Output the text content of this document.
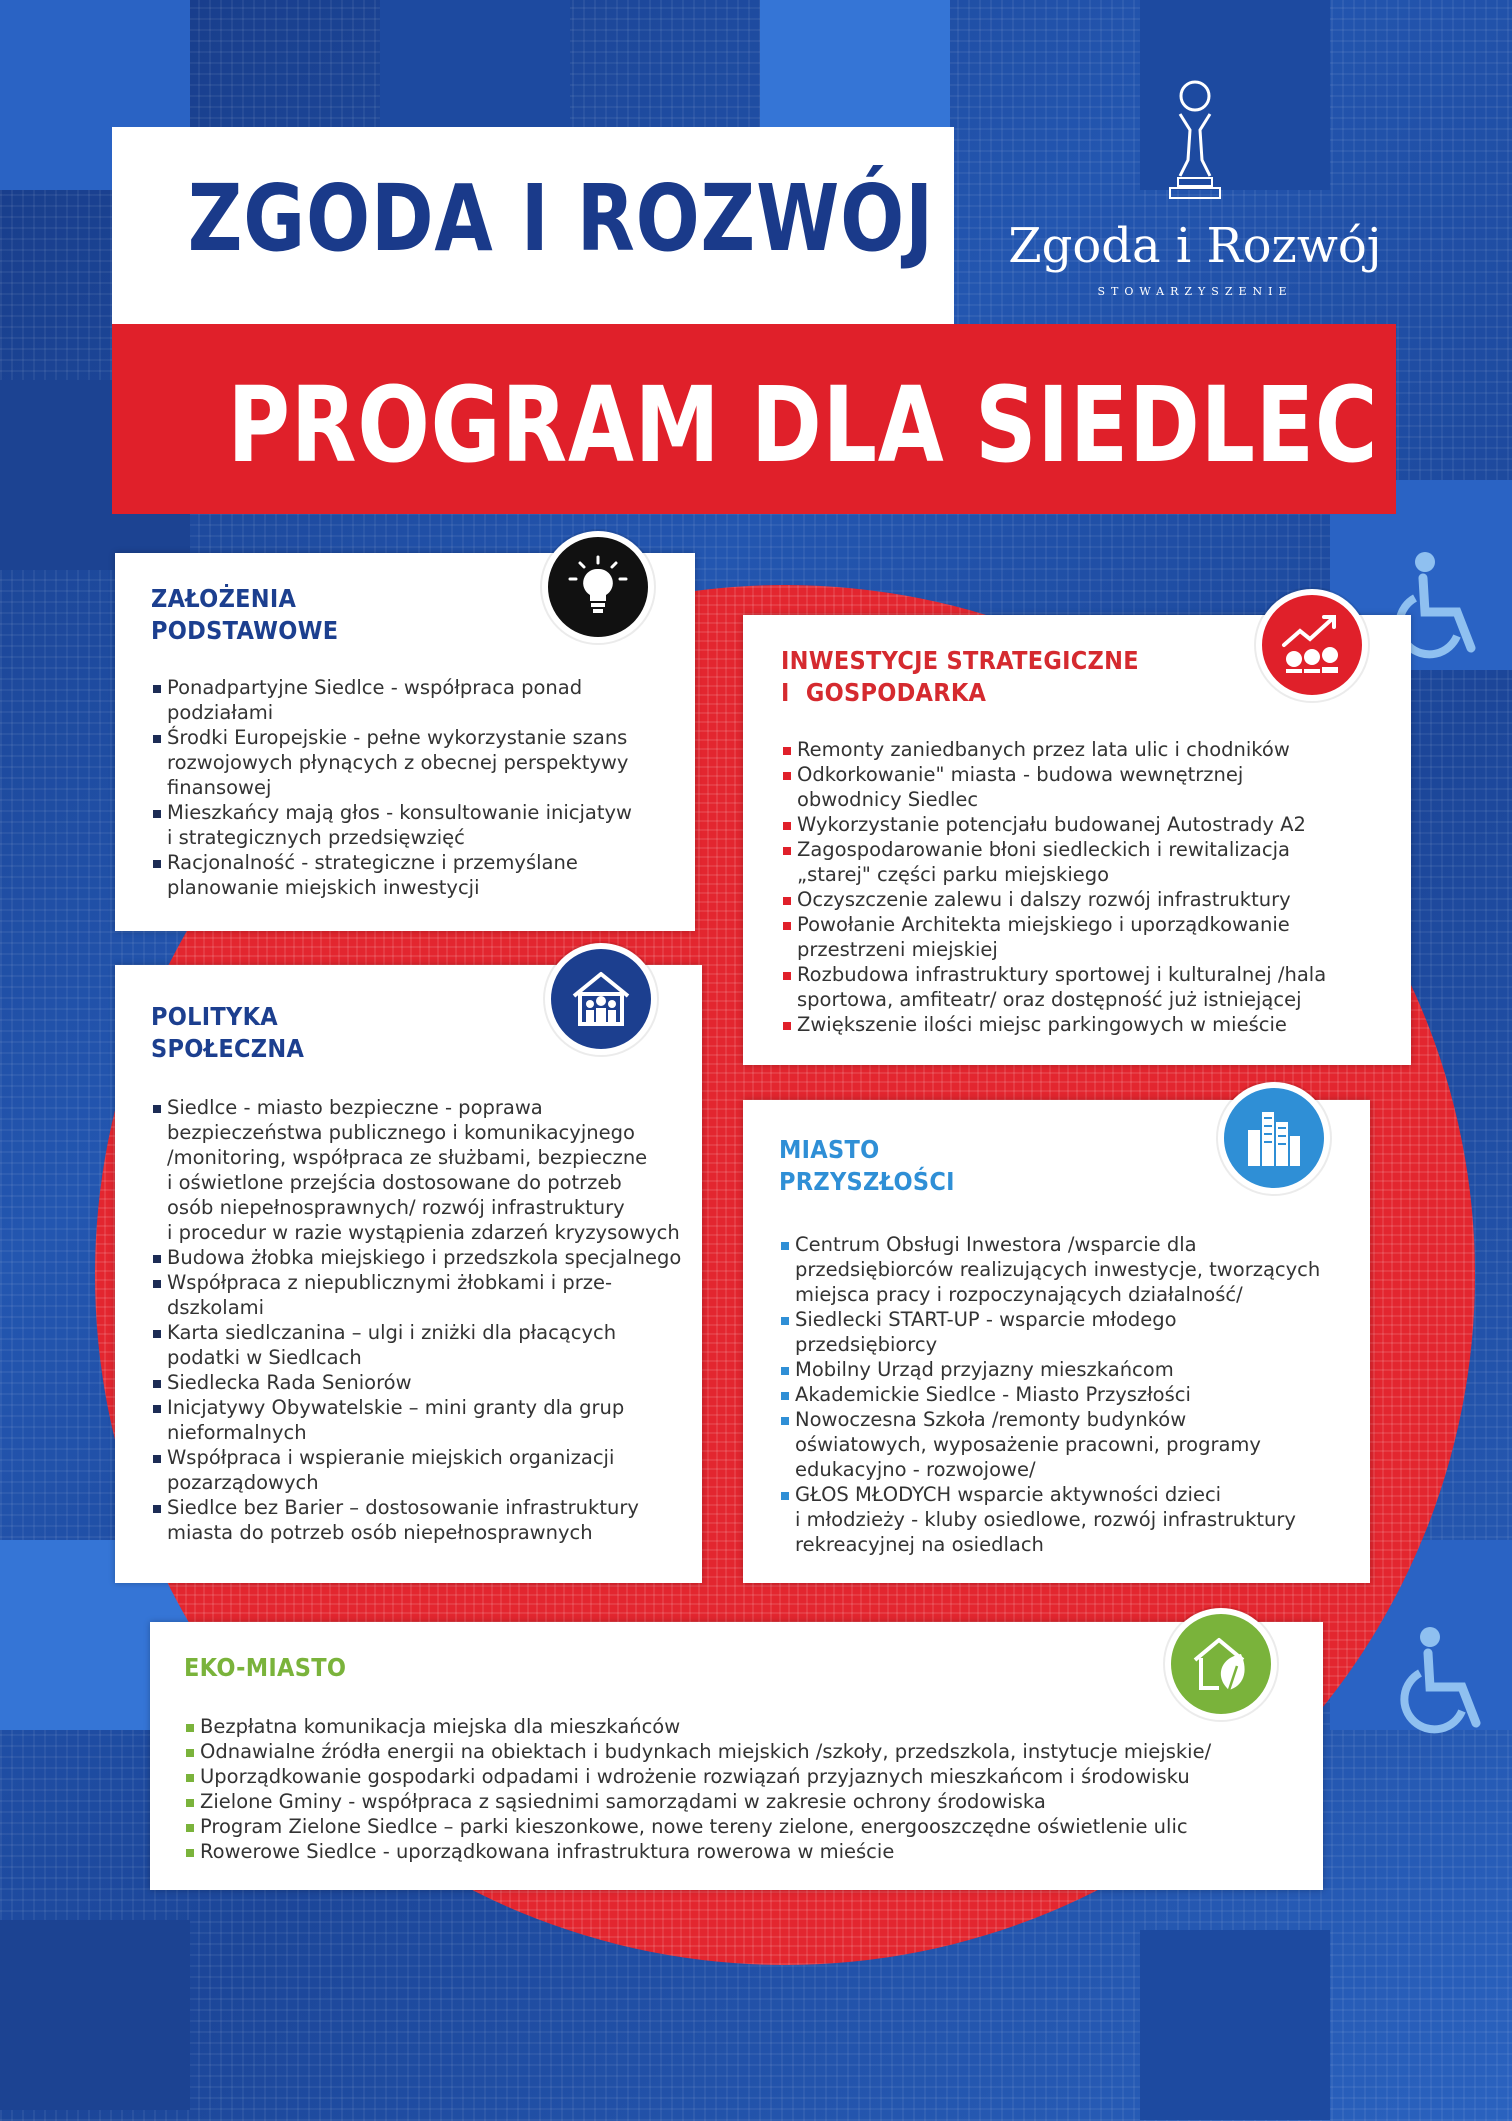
ZGODA I ROZWÓJ
PROGRAM DLA SIEDLEC
Zgoda i Rozwój
STOWARZYSZENIE
ZAŁOŻENIA
PODSTAWOWE
Ponadpartyjne Siedlce - współpraca ponad
podziałami
Środki Europejskie - pełne wykorzystanie szans
rozwojowych płynących z obecnej perspektywy
finansowej
Mieszkańcy mają głos - konsultowanie inicjatyw
i strategicznych przedsięwzięć
Racjonalność - strategiczne i przemyślane
planowanie miejskich inwestycji
INWESTYCJE STRATEGICZNE
I  GOSPODARKA
Remonty zaniedbanych przez lata ulic i chodników
Odkorkowanie" miasta - budowa wewnętrznej
obwodnicy Siedlec
Wykorzystanie potencjału budowanej Autostrady A2
Zagospodarowanie błoni siedleckich i rewitalizacja
„starej" części parku miejskiego
Oczyszczenie zalewu i dalszy rozwój infrastruktury
Powołanie Architekta miejskiego i uporządkowanie
przestrzeni miejskiej
Rozbudowa infrastruktury sportowej i kulturalnej /hala
sportowa, amfiteatr/ oraz dostępność już istniejącej
Zwiększenie ilości miejsc parkingowych w mieście
POLITYKA
SPOŁECZNA
Siedlce - miasto bezpieczne - poprawa
bezpieczeństwa publicznego i komunikacyjnego
/monitoring, współpraca ze służbami, bezpieczne
i oświetlone przejścia dostosowane do potrzeb
osób niepełnosprawnych/ rozwój infrastruktury
i procedur w razie wystąpienia zdarzeń kryzysowych
Budowa żłobka miejskiego i przedszkola specjalnego
Współpraca z niepublicznymi żłobkami i prze-
dszkolami
Karta siedlczanina – ulgi i zniżki dla płacących
podatki w Siedlcach
Siedlecka Rada Seniorów
Inicjatywy Obywatelskie – mini granty dla grup
nieformalnych
Współpraca i wspieranie miejskich organizacji
pozarządowych
Siedlce bez Barier – dostosowanie infrastruktury
miasta do potrzeb osób niepełnosprawnych
MIASTO
PRZYSZŁOŚCI
Centrum Obsługi Inwestora /wsparcie dla
przedsiębiorców realizujących inwestycje, tworzących
miejsca pracy i rozpoczynających działalność/
Siedlecki START-UP - wsparcie młodego
przedsiębiorcy
Mobilny Urząd przyjazny mieszkańcom
Akademickie Siedlce - Miasto Przyszłości
Nowoczesna Szkoła /remonty budynków
oświatowych, wyposażenie pracowni, programy
edukacyjno - rozwojowe/
GŁOS MŁODYCH wsparcie aktywności dzieci
i młodzieży - kluby osiedlowe, rozwój infrastruktury
rekreacyjnej na osiedlach
EKO-MIASTO
Bezpłatna komunikacja miejska dla mieszkańców
Odnawialne źródła energii na obiektach i budynkach miejskich /szkoły, przedszkola, instytucje miejskie/
Uporządkowanie gospodarki odpadami i wdrożenie rozwiązań przyjaznych mieszkańcom i środowisku
Zielone Gminy - współpraca z sąsiednimi samorządami w zakresie ochrony środowiska
Program Zielone Siedlce – parki kieszonkowe, nowe tereny zielone, energooszczędne oświetlenie ulic
Rowerowe Siedlce - uporządkowana infrastruktura rowerowa w mieście
